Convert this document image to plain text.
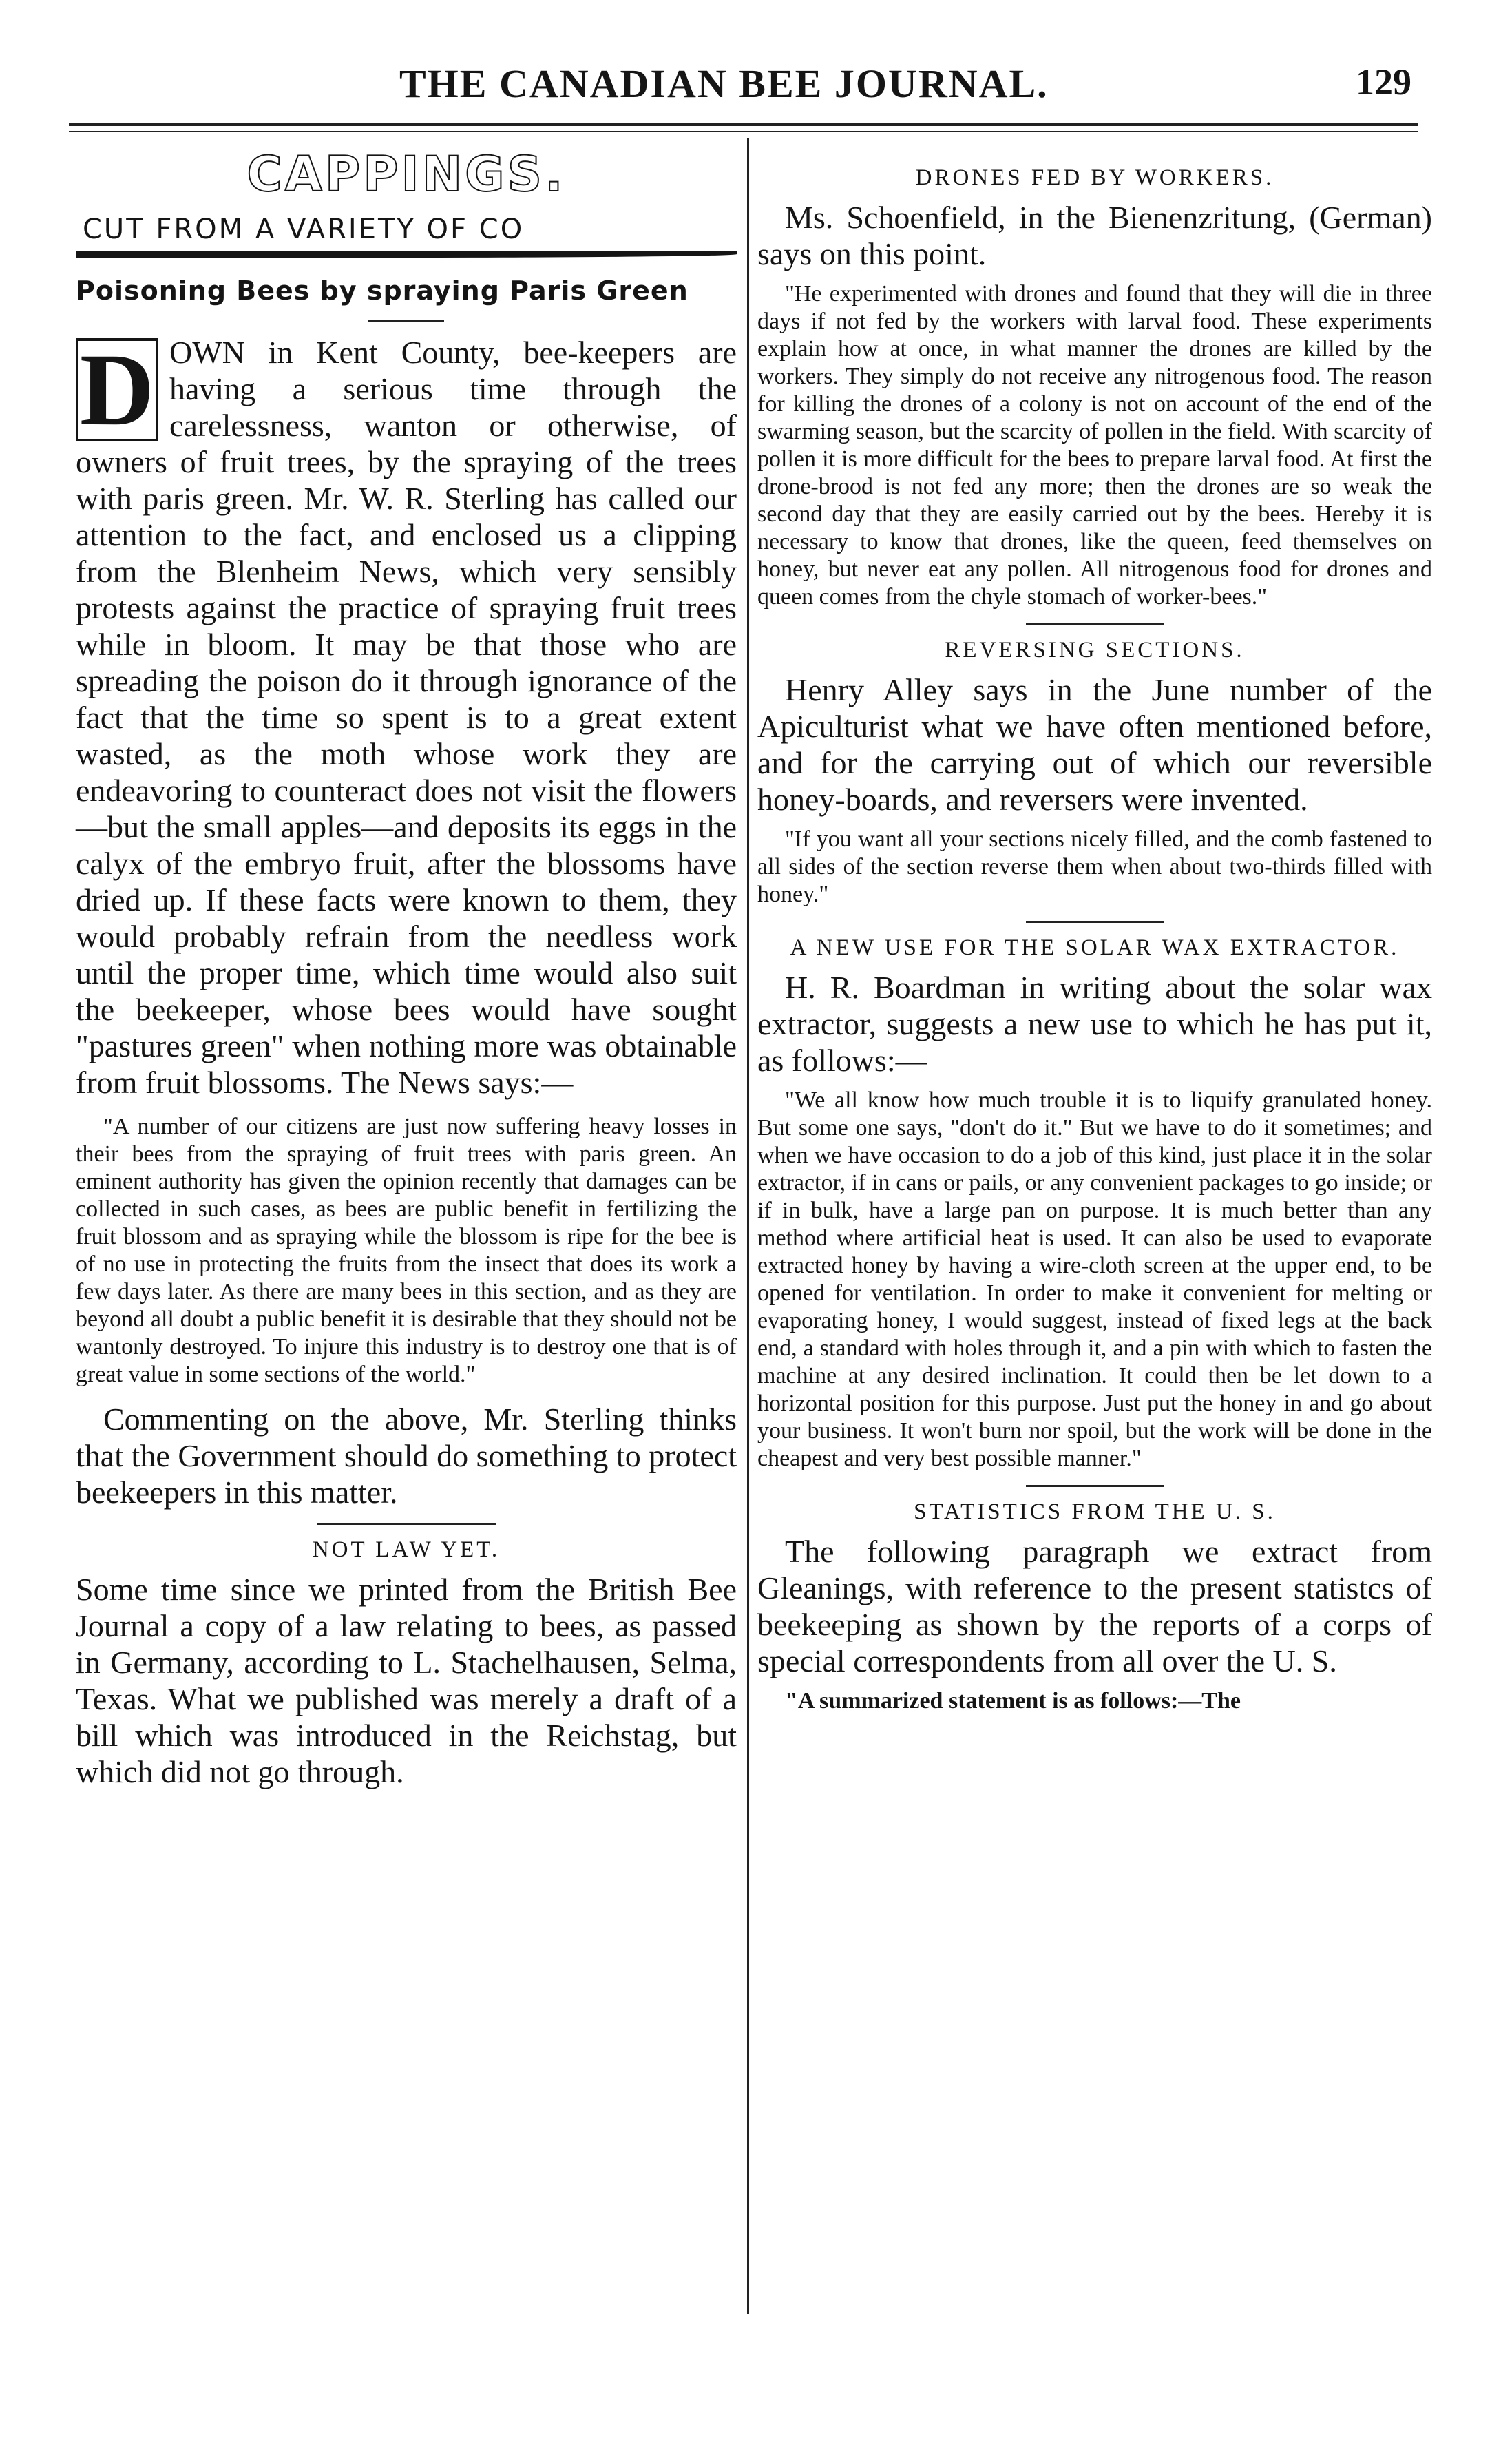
THE CANADIAN BEE JOURNAL.	129
CAPPINGS.
CUT FROM A VARIETY OF CO
Poisoning Bees by spraying Paris Green
D OWN in Kent County, bee-keepers are having a serious time through the carelessness, wanton or otherwise, of owners of fruit trees, by the spraying of the trees with paris green. Mr. W. R. Sterling has called our attention to the fact, and enclosed us a clipping from the Blenheim News, which very sensibly protests against the practice of spraying fruit trees while in bloom. It may be that those who are spreading the poison do it through ignorance of the fact that the time so spent is to a great extent wasted, as the moth whose work they are endeavoring to counteract does not visit the flowers—but the small apples—and deposits its eggs in the calyx of the embryo fruit, after the blossoms have dried up. If these facts were known to them, they would probably refrain from the needless work until the proper time, which time would also suit the beekeeper, whose bees would have sought "pastures green" when nothing more was obtainable from fruit blossoms. The News says:—

"A number of our citizens are just now suffering heavy losses in their bees from the spraying of fruit trees with paris green. An eminent authority has given the opinion recently that damages can be collected in such cases, as bees are public benefit in fertilizing the fruit blossom and as spraying while the blossom is ripe for the bee is of no use in protecting the fruits from the insect that does its work a few days later. As there are many bees in this section, and as they are beyond all doubt a public benefit it is desirable that they should not be wantonly destroyed. To injure this industry is to destroy one that is of great value in some sections of the world."

Commenting on the above, Mr. Sterling thinks that the Government should do something to protect beekeepers in this matter.

NOT LAW YET.

Some time since we printed from the British Bee Journal a copy of a law relating to bees, as passed in Germany, according to L. Stachelhausen, Selma, Texas. What we published was merely a draft of a bill which was introduced in the Reichstag, but which did not go through.

DRONES FED BY WORKERS.

Ms. Schoenfield, in the Bienenzritung, (German) says on this point.

"He experimented with drones and found that they will die in three days if not fed by the workers with larval food. These experiments explain how at once, in what manner the drones are killed by the workers. They simply do not receive any nitrogenous food. The reason for killing the drones of a colony is not on account of the end of the swarming season, but the scarcity of pollen in the field. With scarcity of pollen it is more difficult for the bees to prepare larval food. At first the drone-brood is not fed any more; then the drones are so weak the second day that they are easily carried out by the bees. Hereby it is necessary to know that drones, like the queen, feed themselves on honey, but never eat any pollen. All nitrogenous food for drones and queen comes from the chyle stomach of worker-bees."

REVERSING SECTIONS.

Henry Alley says in the June number of the Apiculturist what we have often mentioned before, and for the carrying out of which our reversible honey-boards, and reversers were invented.

"If you want all your sections nicely filled, and the comb fastened to all sides of the section reverse them when about two-thirds filled with honey."

A NEW USE FOR THE SOLAR WAX EXTRACTOR.

H. R. Boardman in writing about the solar wax extractor, suggests a new use to which he has put it, as follows:—

"We all know how much trouble it is to liquify granulated honey. But some one says, "don't do it." But we have to do it sometimes; and when we have occasion to do a job of this kind, just place it in the solar extractor, if in cans or pails, or any convenient packages to go inside; or if in bulk, have a large pan on purpose. It is much better than any method where artificial heat is used. It can also be used to evaporate extracted honey by having a wire-cloth screen at the upper end, to be opened for ventilation. In order to make it convenient for melting or evaporating honey, I would suggest, instead of fixed legs at the back end, a standard with holes through it, and a pin with which to fasten the machine at any desired inclination. It could then be let down to a horizontal position for this purpose. Just put the honey in and go about your business. It won't burn nor spoil, but the work will be done in the cheapest and very best possible manner."

STATISTICS FROM THE U. S.

The following paragraph we extract from Gleanings, with reference to the present statistcs of beekeeping as shown by the reports of a corps of special correspondents from all over the U. S.

"A summarized statement is as follows:—The
